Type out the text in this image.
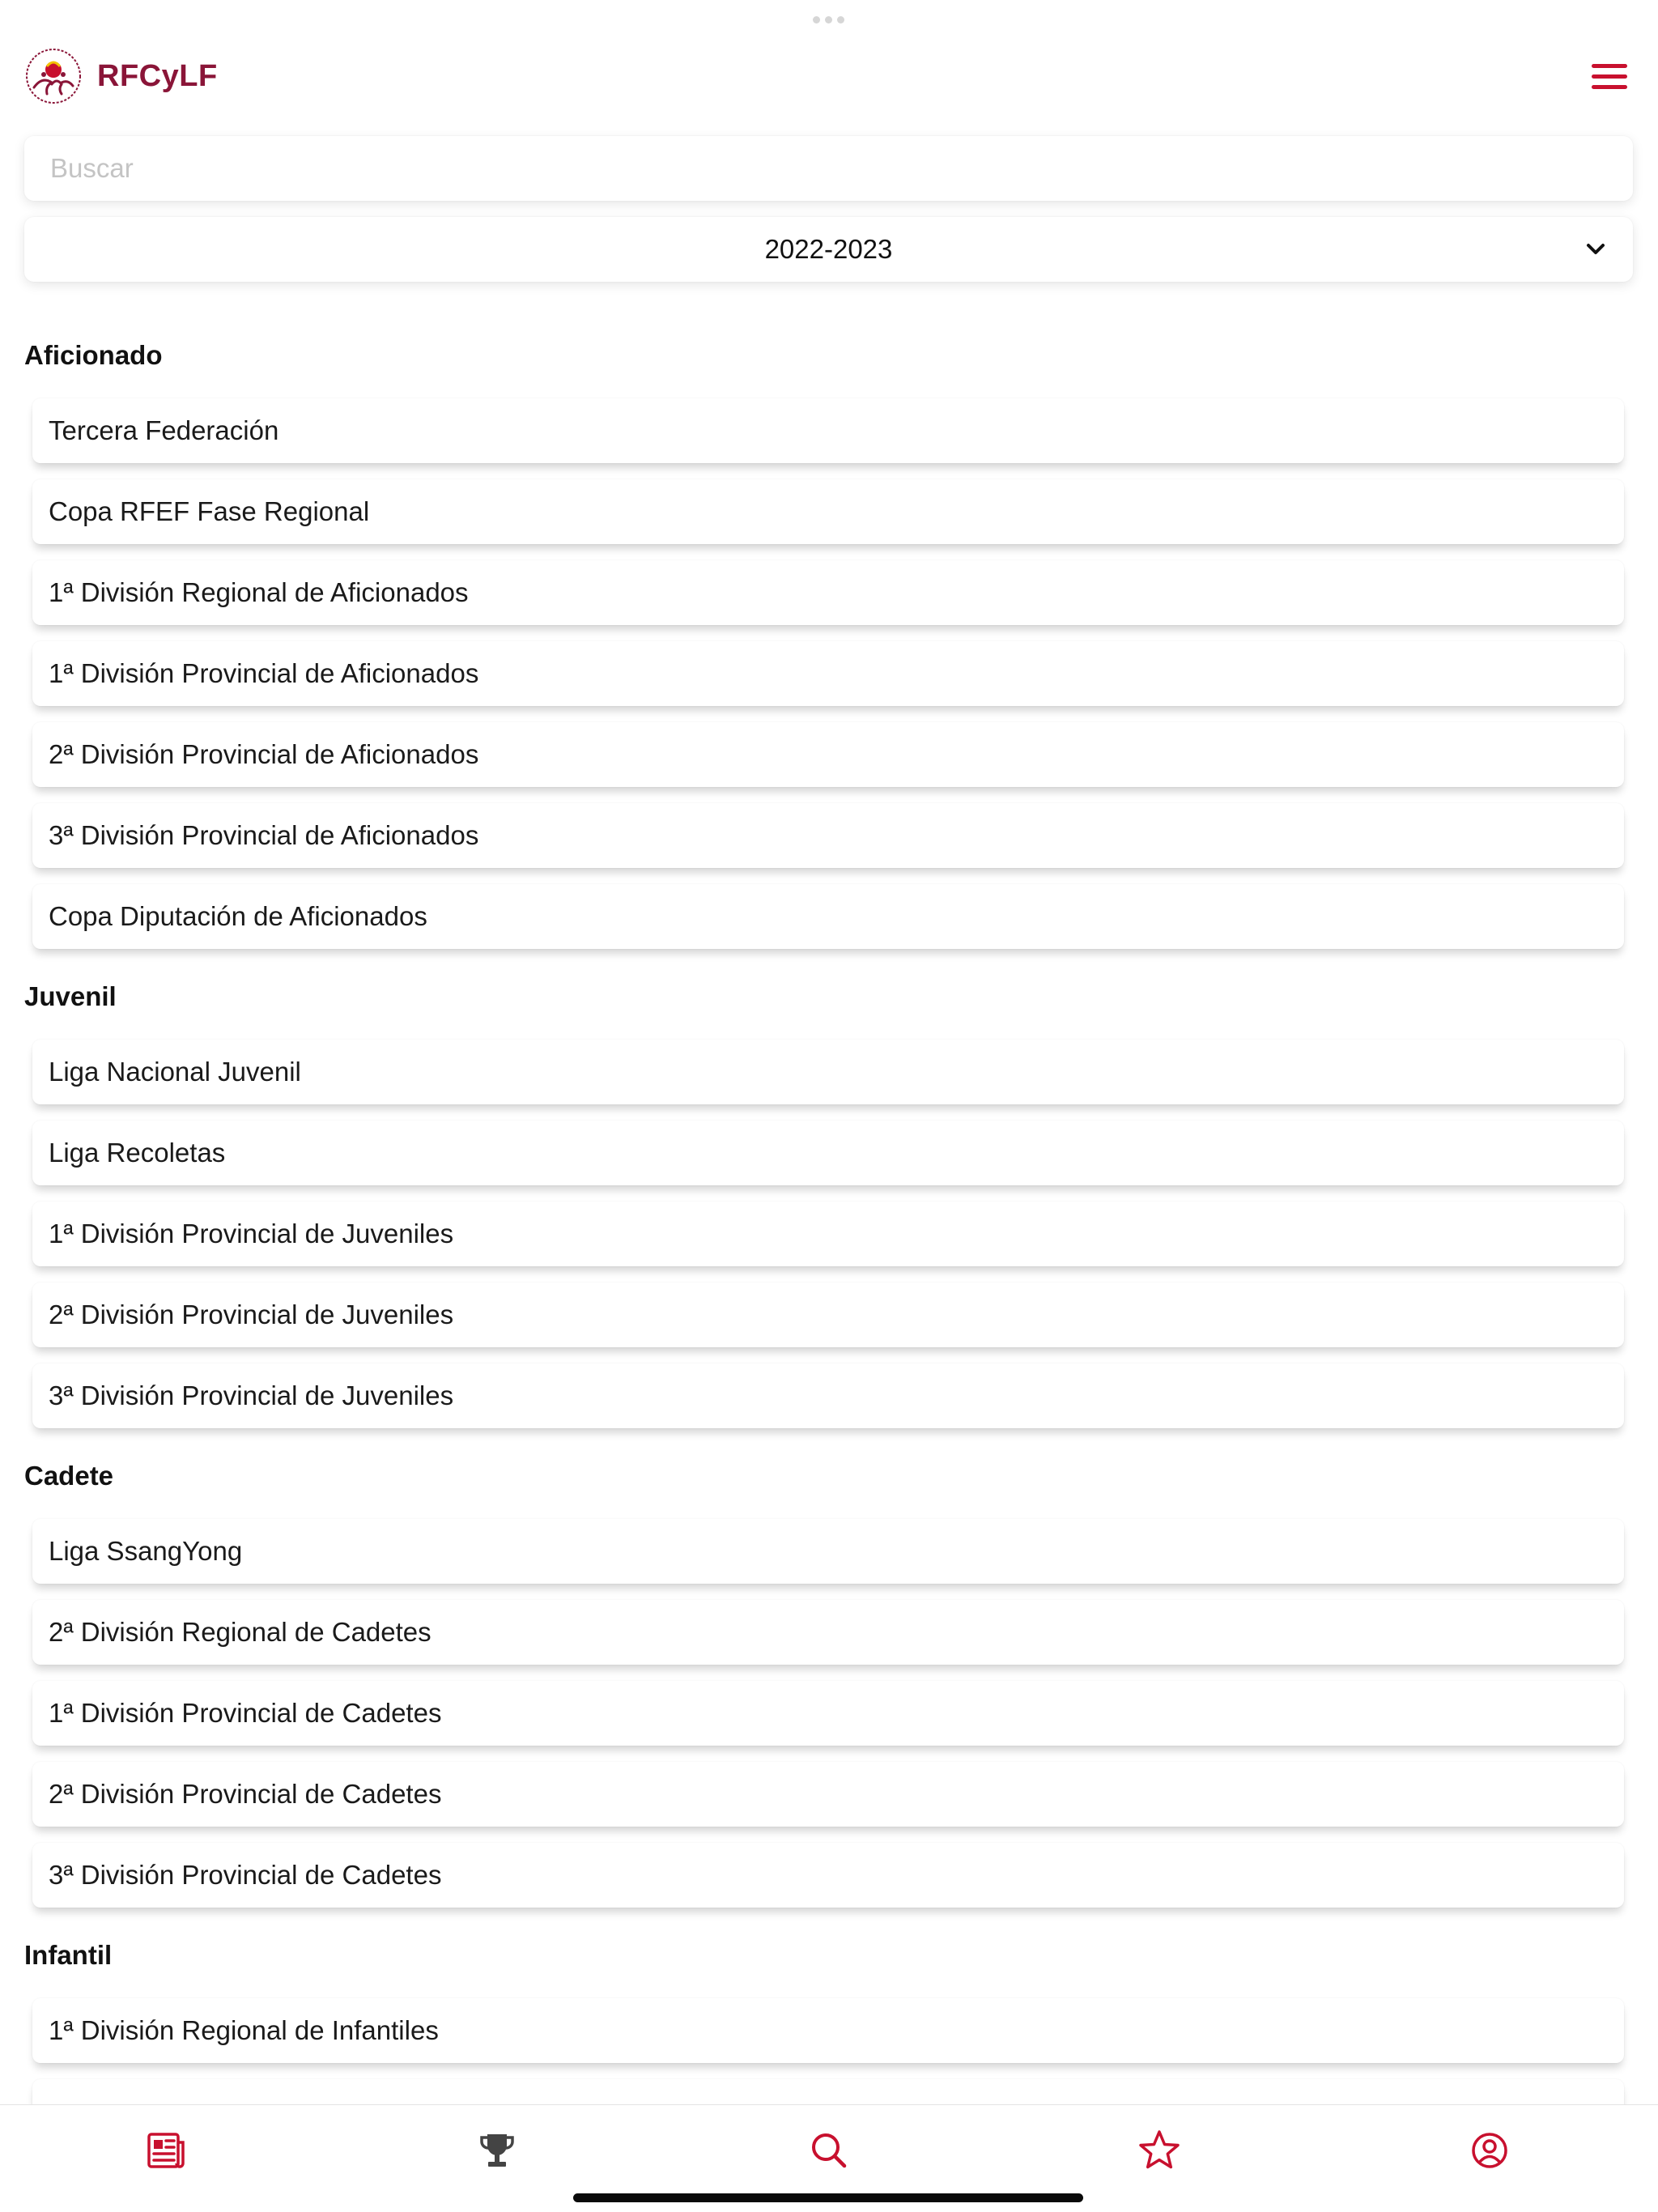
RFCyLF
Buscar
2022-2023
Aficionado
Tercera Federación
Copa RFEF Fase Regional
1ª División Regional de Aficionados
1ª División Provincial de Aficionados
2ª División Provincial de Aficionados
3ª División Provincial de Aficionados
Copa Diputación de Aficionados
Juvenil
Liga Nacional Juvenil
Liga Recoletas
1ª División Provincial de Juveniles
2ª División Provincial de Juveniles
3ª División Provincial de Juveniles
Cadete
Liga SsangYong
2ª División Regional de Cadetes
1ª División Provincial de Cadetes
2ª División Provincial de Cadetes
3ª División Provincial de Cadetes
Infantil
1ª División Regional de Infantiles
